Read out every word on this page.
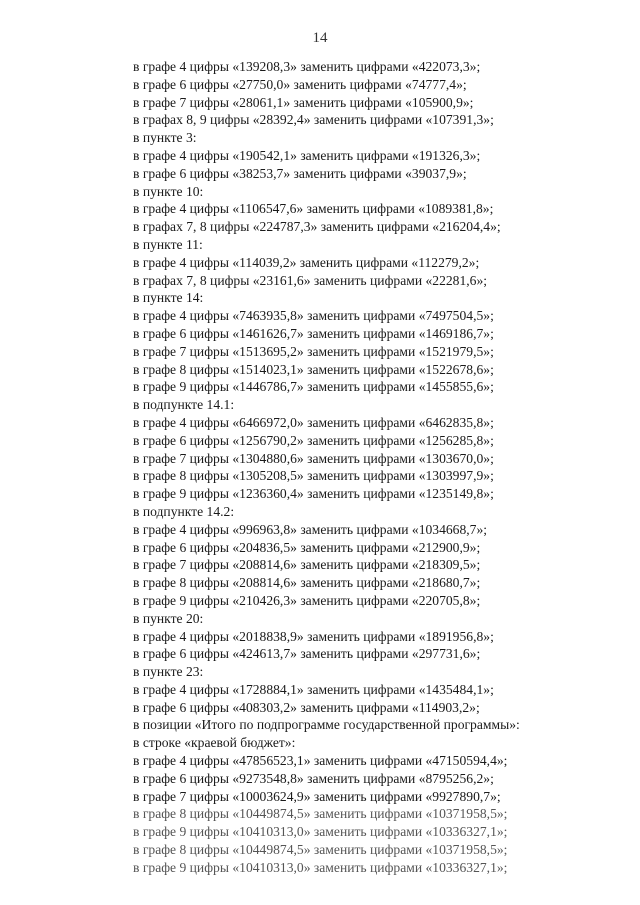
14
в графе 4 цифры «139208,3» заменить цифрами «422073,3»;
в графе 6 цифры «27750,0» заменить цифрами «74777,4»;
в графе 7 цифры «28061,1» заменить цифрами «105900,9»;
в графах 8, 9 цифры «28392,4» заменить цифрами «107391,3»;
в пункте 3:
в графе 4 цифры «190542,1» заменить цифрами «191326,3»;
в графе 6 цифры «38253,7» заменить цифрами «39037,9»;
в пункте 10:
в графе 4 цифры «1106547,6» заменить цифрами «1089381,8»;
в графах 7, 8 цифры «224787,3» заменить цифрами «216204,4»;
в пункте 11:
в графе 4 цифры «114039,2» заменить цифрами «112279,2»;
в графах 7, 8 цифры «23161,6» заменить цифрами «22281,6»;
в пункте 14:
в графе 4 цифры «7463935,8» заменить цифрами «7497504,5»;
в графе 6 цифры «1461626,7» заменить цифрами «1469186,7»;
в графе 7 цифры «1513695,2» заменить цифрами «1521979,5»;
в графе 8 цифры «1514023,1» заменить цифрами «1522678,6»;
в графе 9 цифры «1446786,7» заменить цифрами «1455855,6»;
в подпункте 14.1:
в графе 4 цифры «6466972,0» заменить цифрами «6462835,8»;
в графе 6 цифры «1256790,2» заменить цифрами «1256285,8»;
в графе 7 цифры «1304880,6» заменить цифрами «1303670,0»;
в графе 8 цифры «1305208,5» заменить цифрами «1303997,9»;
в графе 9 цифры «1236360,4» заменить цифрами «1235149,8»;
в подпункте 14.2:
в графе 4 цифры «996963,8» заменить цифрами «1034668,7»;
в графе 6 цифры «204836,5» заменить цифрами «212900,9»;
в графе 7 цифры «208814,6» заменить цифрами «218309,5»;
в графе 8 цифры «208814,6» заменить цифрами «218680,7»;
в графе 9 цифры «210426,3» заменить цифрами «220705,8»;
в пункте 20:
в графе 4 цифры «2018838,9» заменить цифрами «1891956,8»;
в графе 6 цифры «424613,7» заменить цифрами «297731,6»;
в пункте 23:
в графе 4 цифры «1728884,1» заменить цифрами «1435484,1»;
в графе 6 цифры «408303,2» заменить цифрами «114903,2»;
в позиции «Итого по подпрограмме государственной программы»:
в строке «краевой бюджет»:
в графе 4 цифры «47856523,1» заменить цифрами «47150594,4»;
в графе 6 цифры «9273548,8» заменить цифрами «8795256,2»;
в графе 7 цифры «10003624,9» заменить цифрами «9927890,7»;
в графе 8 цифры «10449874,5» заменить цифрами «10371958,5»;
в графе 9 цифры «10410313,0» заменить цифрами «10336327,1»;
в графе 8 цифры «10449874,5» заменить цифрами «10371958,5»;
в графе 9 цифры «10410313,0» заменить цифрами «10336327,1»;
